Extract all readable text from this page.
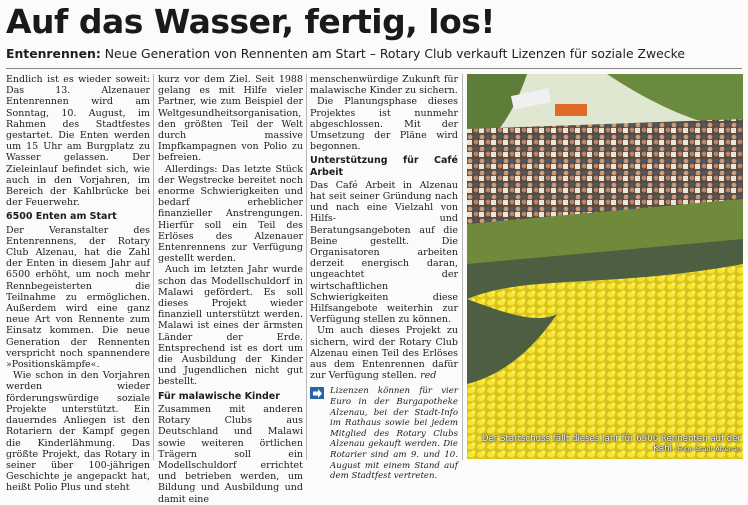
Auf das Wasser, fertig, los!
Entenrennen: Neue Generation von Rennenten am Start – Rotary Club verkauft Lizenzen für soziale Zwecke

Endlich ist es wieder soweit: Das 13. Alzenauer Entenrennen wird am Sonntag, 10. August, im Rahmen des Stadtfestes gestartet. Die Enten werden um 15 Uhr am Burgplatz zu Wasser gelassen. Der Zieleinlauf befindet sich, wie auch in den Vorjahren, im Bereich der Kahlbrücke bei der Feuerwehr.

6500 Enten am Start

Der Veranstalter des Entenrennens, der Rotary Club Alzenau, hat die Zahl der Enten in diesem Jahr auf 6500 erhöht, um noch mehr Rennbegeisterten die Teilnahme zu ermöglichen. Außerdem wird eine ganz neue Art von Rennente zum Einsatz kommen. Die neue Generation der Rennenten verspricht noch spannendere »Positionskämpfe«.

Wie schon in den Vorjahren werden wieder förderungswürdige soziale Projekte unterstützt. Ein dauerndes Anliegen ist den Rotariern der Kampf gegen die Kinderlähmung. Das größte Projekt, das Rotary in seiner über 100-jährigen Geschichte je angepackt hat, heißt Polio Plus und steht

kurz vor dem Ziel. Seit 1988 gelang es mit Hilfe vieler Partner, wie zum Beispiel der Weltgesundheitsorganisation, den größten Teil der Welt durch massive Impfkampagnen von Polio zu befreien.

Allerdings: Das letzte Stück der Wegstrecke bereitet noch enorme Schwierigkeiten und bedarf erheblicher finanzieller Anstrengungen. Hierfür soll ein Teil des Erlöses des Alzenauer Entenrennens zur Verfügung gestellt werden.

Auch im letzten Jahr wurde schon das Modellschuldorf in Malawi gefördert. Es soll dieses Projekt wieder finanziell unterstützt werden. Malawi ist eines der ärmsten Länder der Erde. Entsprechend ist es dort um die Ausbildung der Kinder und Jugendlichen nicht gut bestellt.

Für malawische Kinder

Zusammen mit anderen Rotary Clubs aus Deutschland und Malawi sowie weiteren örtlichen Trägern soll ein Modellschuldorf errichtet und betrieben werden, um Bildung und Ausbildung und damit eine

menschenwürdige Zukunft für malawische Kinder zu sichern.

Die Planungsphase dieses Projektes ist nunmehr abgeschlossen. Mit der Umsetzung der Pläne wird begonnen.

Unterstützung für Café Arbeit

Das Café Arbeit in Alzenau hat seit seiner Gründung nach und nach eine Vielzahl von Hilfs- und Beratungsangeboten auf die Beine gestellt. Die Organisatoren arbeiten derzeit energisch daran, ungeachtet der wirtschaftlichen Schwierigkeiten diese Hilfsangebote weiterhin zur Verfügung stellen zu können.

Um auch dieses Projekt zu sichern, wird der Rotary Club Alzenau einen Teil des Erlöses aus dem Entenrennen dafür zur Verfügung stellen. red

Lizenzen können für vier Euro in der Burgapotheke Alzenau, bei der Stadt-Info im Rathaus sowie bei jedem Mitglied des Rotary Clubs Alzenau gekauft werden. Die Rotarier sind am 9. und 10. August mit einem Stand auf dem Stadtfest vertreten.
Der Startschuss fällt dieses Jahr für 6500 Rennenten auf der Kahl. Foto: Stadt Alzenau
